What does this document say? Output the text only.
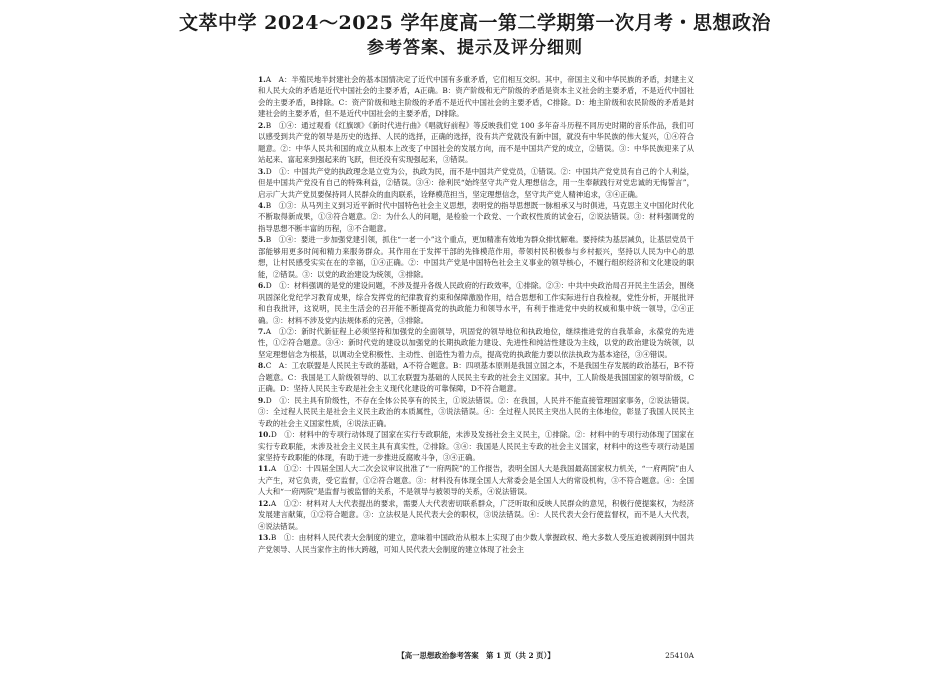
文萃中学 2024～2025 学年度高一第二学期第一次月考・思想政治
参考答案、提示及评分细则

1.A　A：半殖民地半封建社会的基本国情决定了近代中国有多重矛盾，它们相互交织。其中，帝国主义和中华民族的矛盾，封建主义和人民大众的矛盾是近代中国社会的主要矛盾，A正确。B：资产阶级和无产阶级的矛盾是资本主义社会的主要矛盾，不是近代中国社会的主要矛盾，B排除。C：资产阶级和地主阶级的矛盾不是近代中国社会的主要矛盾，C排除。D：地主阶级和农民阶级的矛盾是封建社会的主要矛盾，但不是近代中国社会的主要矛盾，D排除。

2.B　①④：通过观看《红旗颂》《新时代进行曲》《唱就好前程》等反映我们党 100 多年奋斗历程不同历史时期的音乐作品，我们可以感受到共产党的领导是历史的选择、人民的选择，正确的选择，没有共产党就没有新中国，就没有中华民族的伟大复兴，①④符合题意。②：中华人民共和国的成立从根本上改变了中国社会的发展方向，而不是中国共产党的成立，②错误。③：中华民族迎来了从站起来、富起来到强起来的飞跃，但还没有实现强起来，③错误。

3.D　①：中国共产党的执政理念是立党为公，执政为民，而不是中国共产党党员，①错误。②：中国共产党党员有自己的个人利益，但是中国共产党没有自己的特殊利益，②错误。③④：徐利民“始终坚守共产党人理想信念，用一生奉献践行对党忠诚的无悔誓言”，启示广大共产党员要保持同人民群众的血肉联系，诠释模范担当，坚定理想信念，坚守共产党人精神追求，③④正确。

4.B　①③：从马列主义到习近平新时代中国特色社会主义思想，表明党的指导思想既一脉相承又与时俱进，马克思主义中国化时代化不断取得新成果，①③符合题意。②：为什么人的问题，是检验一个政党、一个政权性质的试金石，②说法错误。③：材料强调党的指导思想不断丰富的历程，③不合题意。

5.B　①④：要进一步加强党建引领，抓住“一老一小”这个重点，更加精准有效地为群众排忧解难。要持续为基层减负，让基层党员干部能够用更多时间和精力来服务群众。其作用在于发挥干部的先锋模范作用，带领村民积极参与乡村振兴，坚持以人民为中心的思想，让村民感受实实在在的幸福，①④正确。②：中国共产党是中国特色社会主义事业的领导核心，不履行组织经济和文化建设的职能，②错误。③：以党的政治建设为统领，③排除。

6.D　①：材料强调的是党的建设问题，不涉及提升各级人民政府的行政效率，①排除。②③：中共中央政治局召开民主生活会，围绕巩固深化党纪学习教育成果，综合发挥党的纪律教育约束和保障激励作用，结合思想和工作实际进行自我检视，党性分析，开展批评和自我批评，这说明，民主生活会的召开能不断提高党的执政能力和领导水平，有利于推进党中央的权威和集中统一领导，②④正确。③：材料不涉及党内法规体系的完善，③排除。

7.A　①②：新时代新征程上必须坚持和加强党的全面领导，巩固党的领导地位和执政地位，继续推进党的自我革命，永葆党的先进性，①②符合题意。③④：新时代党的建设以加强党的长期执政能力建设、先进性和纯洁性建设为主线，以党的政治建设为统领，以坚定理想信念为根基，以调动全党积极性、主动性、创造性为着力点，提高党的执政能力要以依法执政为基本途径，③④错误。

8.C　A：工农联盟是人民民主专政的基础，A不符合题意。B：四项基本原则是我国立国之本，不是我国生存发展的政治基石，B不符合题意。C：我国是工人阶级领导的、以工农联盟为基础的人民民主专政的社会主义国家。其中，工人阶级是我国国家的领导阶级，C正确。D：坚持人民民主专政是社会主义现代化建设的可靠保障，D不符合题意。

9.D　①：民主具有阶级性，不存在全体公民享有的民主，①说法错误。②：在我国，人民并不能直接管理国家事务，②说法错误。③：全过程人民民主是社会主义民主政治的本质属性，③说法错误。④：全过程人民民主突出人民的主体地位，彰显了我国人民民主专政的社会主义国家性质，④说法正确。

10.D　①：材料中的专项行动体现了国家在实行专政职能，未涉及发扬社会主义民主，①排除。②：材料中的专项行动体现了国家在实行专政职能，未涉及社会主义民主具有真实性，②排除。③④：我国是人民民主专政的社会主义国家，材料中的这些专项行动是国家坚持专政职能的体现，有助于进一步推进反腐败斗争，③④正确。

11.A　①②：十四届全国人大二次会议审议批准了“一府两院”的工作报告，表明全国人大是我国最高国家权力机关，“一府两院”由人大产生，对它负责，受它监督，①②符合题意。③：材料没有体现全国人大常委会是全国人大的常设机构，③不符合题意。④：全国人大和“一府两院”是监督与被监督的关系，不是领导与被领导的关系，④说法错误。

12.A　①②：材料对人大代表提出的要求，需要人大代表密切联系群众，广泛听取和反映人民群众的意见，积极行使提案权，为经济发展建言献策，①②符合题意。③：立法权是人民代表大会的职权，③说法错误。④：人民代表大会行使监督权，而不是人大代表，④说法错误。

13.B　①：由材料人民代表大会制度的建立，意味着中国政治从根本上实现了由少数人掌握政权、绝大多数人受压迫被剥削到中国共产党领导、人民当家作主的伟大跨越，可知人民代表大会制度的建立体现了社会主

【高一思想政治参考答案　第 1 页（共 2 页）】	25410A
